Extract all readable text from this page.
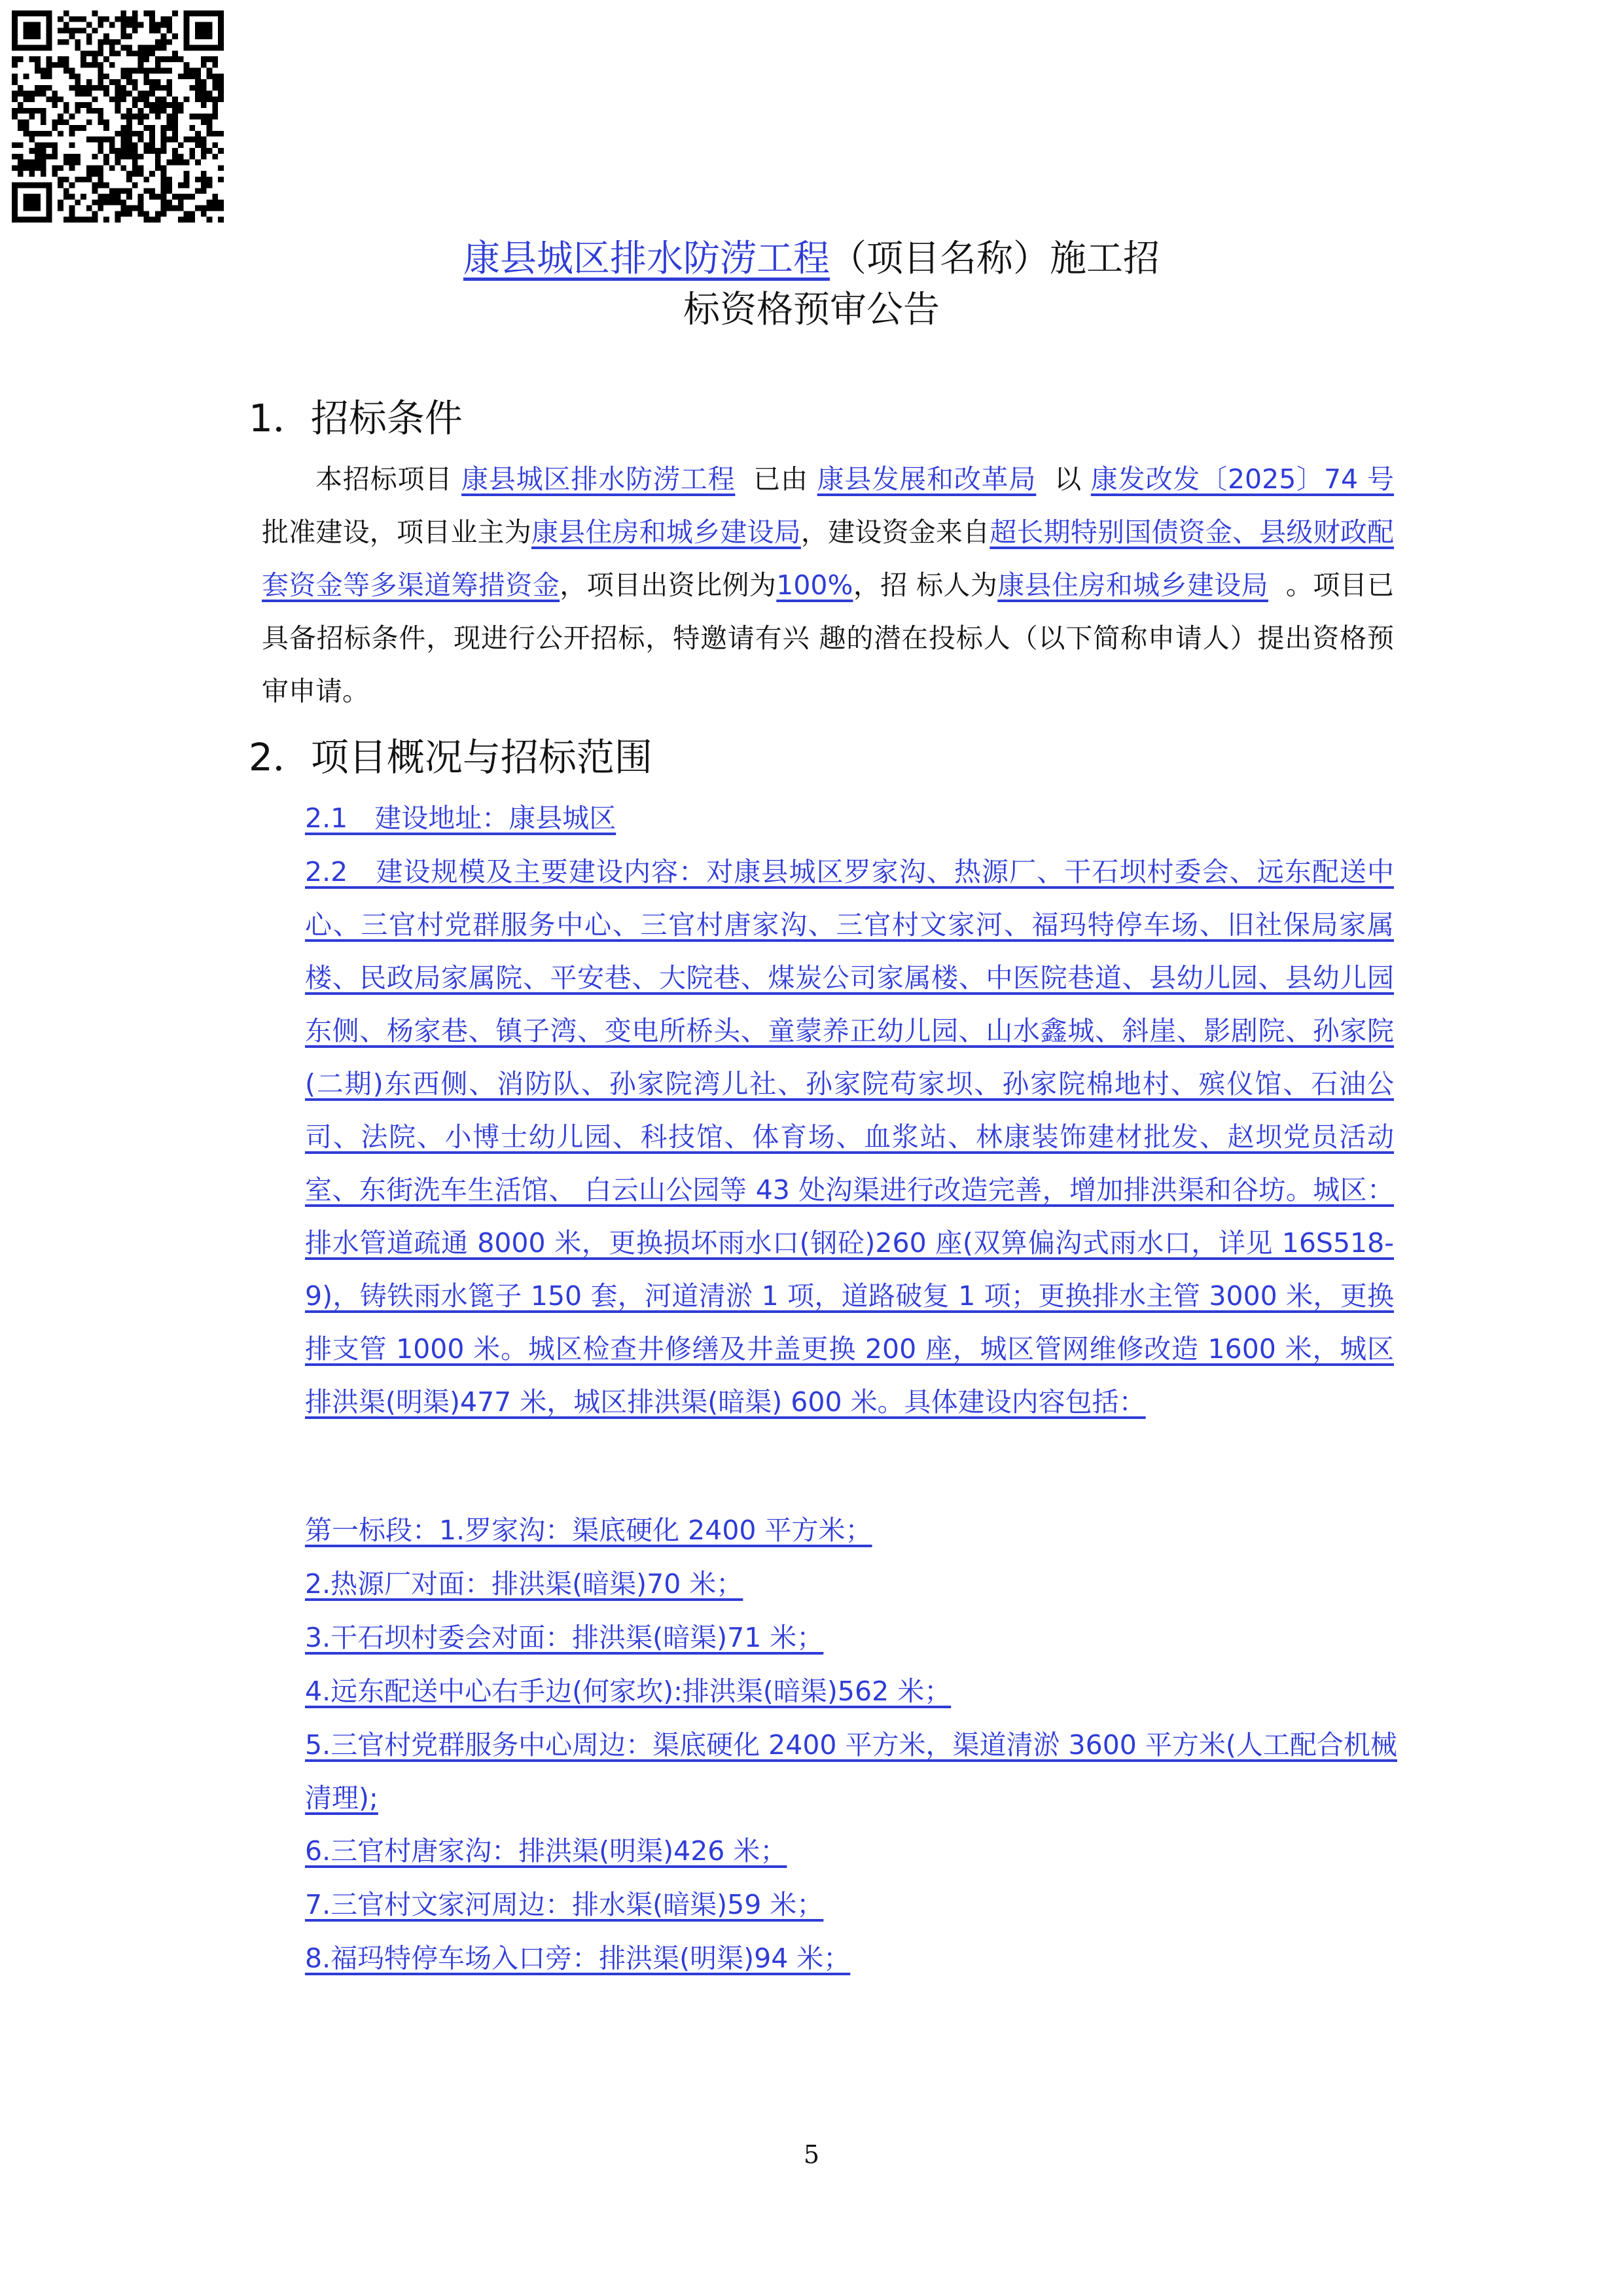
康县城区排水防涝工程（项目名称）施工招
标资格预审公告
1．招标条件
本招标项目 康县城区排水防涝工程 已由 康县发展和改革局 以 康发改发〔2025〕74 号批准建设，项目业主为康县住房和城乡建设局，建设资金来自超长期特别国债资金、县级财政配套资金等多渠道筹措资金，项目出资比例为100%，招 标人为康县住房和城乡建设局 。项目已具备招标条件，现进行公开招标，特邀请有兴 趣的潜在投标人（以下简称申请人）提出资格预审申请。
2．项目概况与招标范围
2.1　建设地址：康县城区
2.2　建设规模及主要建设内容：对康县城区罗家沟、热源厂、干石坝村委会、远东配送中心、三官村党群服务中心、三官村唐家沟、三官村文家河、福玛特停车场、旧社保局家属楼、民政局家属院、平安巷、大院巷、煤炭公司家属楼、中医院巷道、县幼儿园、县幼儿园东侧、杨家巷、镇子湾、变电所桥头、童蒙养正幼儿园、山水鑫城、斜崖、影剧院、孙家院(二期)东西侧、消防队、孙家院湾儿社、孙家院苟家坝、孙家院棉地村、殡仪馆、石油公司、法院、小博士幼儿园、科技馆、体育场、血浆站、林康装饰建材批发、赵坝党员活动室、东街洗车生活馆、 白云山公园等 43 处沟渠进行改造完善，增加排洪渠和谷坊。城区：排水管道疏通 8000 米，更换损坏雨水口(钢砼)260 座(双箅偏沟式雨水口，详见 16S518-9)，铸铁雨水篦子 150 套，河道清淤 1 项，道路破复 1 项；更换排水主管 3000 米，更换排支管 1000 米。城区检查井修缮及井盖更换 200 座，城区管网维修改造 1600 米，城区排洪渠(明渠)477 米，城区排洪渠(暗渠) 600 米。具体建设内容包括：
第一标段：1.罗家沟：渠底硬化 2400 平方米；
2.热源厂对面：排洪渠(暗渠)70 米；
3.干石坝村委会对面：排洪渠(暗渠)71 米；
4.远东配送中心右手边(何家坎):排洪渠(暗渠)562 米；
5.三官村党群服务中心周边：渠底硬化 2400 平方米，渠道清淤 3600 平方米(人工配合机械清理);
6.三官村唐家沟：排洪渠(明渠)426 米；
7.三官村文家河周边：排水渠(暗渠)59 米；
8.福玛特停车场入口旁：排洪渠(明渠)94 米；
5
